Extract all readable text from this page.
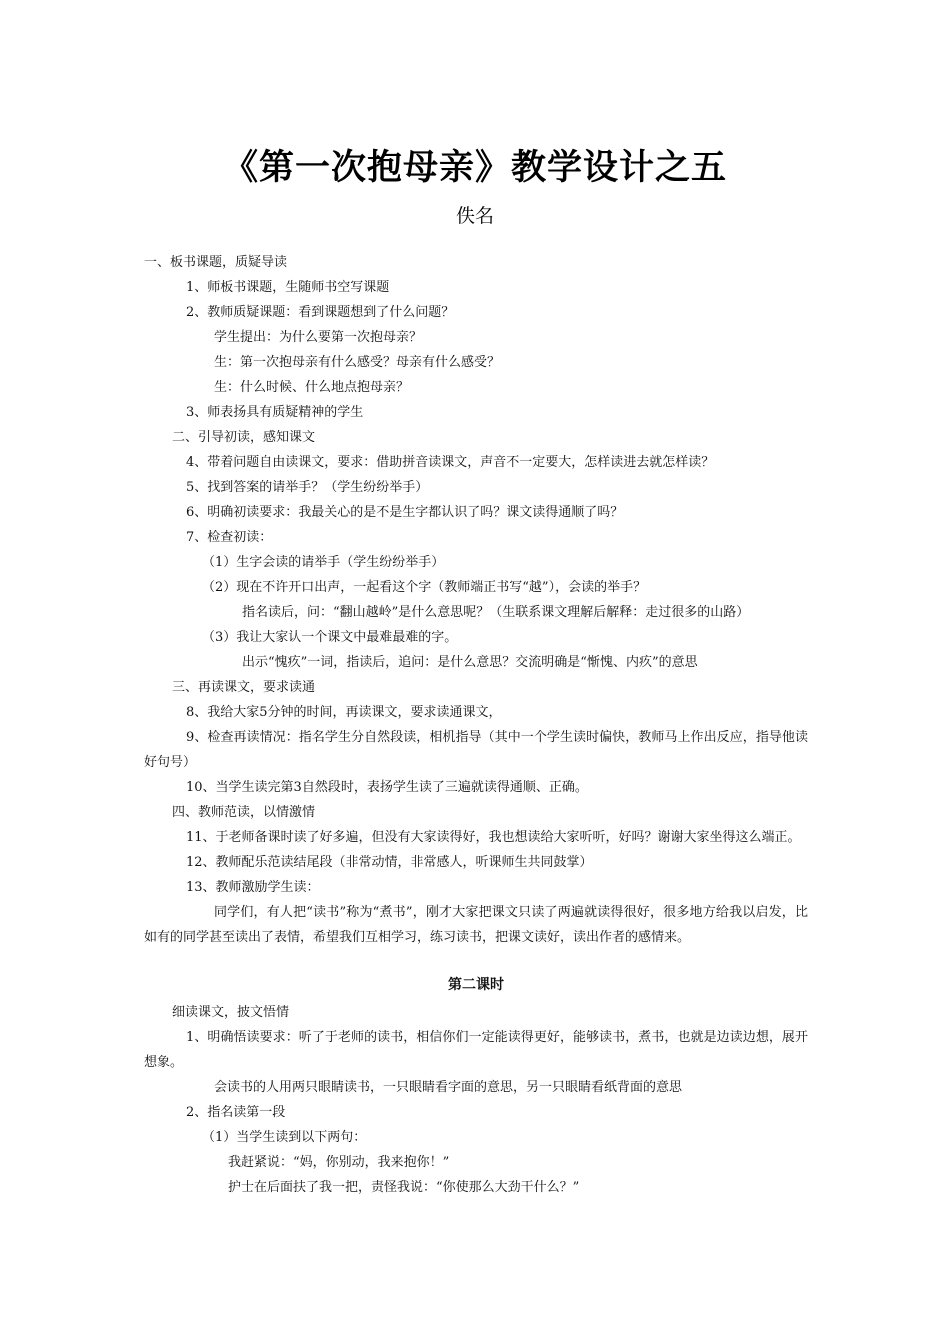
《第一次抱母亲》教学设计之五
佚名
一、板书课题，质疑导读
1、师板书课题，生随师书空写课题
2、教师质疑课题：看到课题想到了什么问题？
学生提出：为什么要第一次抱母亲？
生：第一次抱母亲有什么感受？母亲有什么感受？
生：什么时候、什么地点抱母亲？
3、师表扬具有质疑精神的学生
二、引导初读，感知课文
4、带着问题自由读课文，要求：借助拼音读课文，声音不一定要大，怎样读进去就怎样读？
5、找到答案的请举手？（学生纷纷举手）
6、明确初读要求：我最关心的是不是生字都认识了吗？课文读得通顺了吗？
7、检查初读：
（1）生字会读的请举手（学生纷纷举手）
（2）现在不许开口出声，一起看这个字（教师端正书写“越”），会读的举手？
指名读后，问：“翻山越岭”是什么意思呢？（生联系课文理解后解释：走过很多的山路）
（3）我让大家认一个课文中最难最难的字。
出示“愧疚”一词，指读后，追问：是什么意思？交流明确是“惭愧、内疚”的意思
三、再读课文，要求读通
8、我给大家5分钟的时间，再读课文，要求读通课文，
9、检查再读情况：指名学生分自然段读，相机指导（其中一个学生读时偏快，教师马上作出反应，指导他读好句号）
10、当学生读完第3自然段时，表扬学生读了三遍就读得通顺、正确。
四、教师范读，以情激情
11、于老师备课时读了好多遍，但没有大家读得好，我也想读给大家听听，好吗？谢谢大家坐得这么端正。
12、教师配乐范读结尾段（非常动情，非常感人，听课师生共同鼓掌）
13、教师激励学生读：
同学们，有人把“读书”称为“煮书”，刚才大家把课文只读了两遍就读得很好，很多地方给我以启发，比如有的同学甚至读出了表情，希望我们互相学习，练习读书，把课文读好，读出作者的感情来。
第二课时
细读课文，披文悟情
1、明确悟读要求：听了于老师的读书，相信你们一定能读得更好，能够读书，煮书，也就是边读边想，展开想象。
会读书的人用两只眼睛读书，一只眼睛看字面的意思，另一只眼睛看纸背面的意思
2、指名读第一段
（1）当学生读到以下两句：
我赶紧说：“妈，你别动，我来抱你！”
护士在后面扶了我一把，责怪我说：“你使那么大劲干什么？”
